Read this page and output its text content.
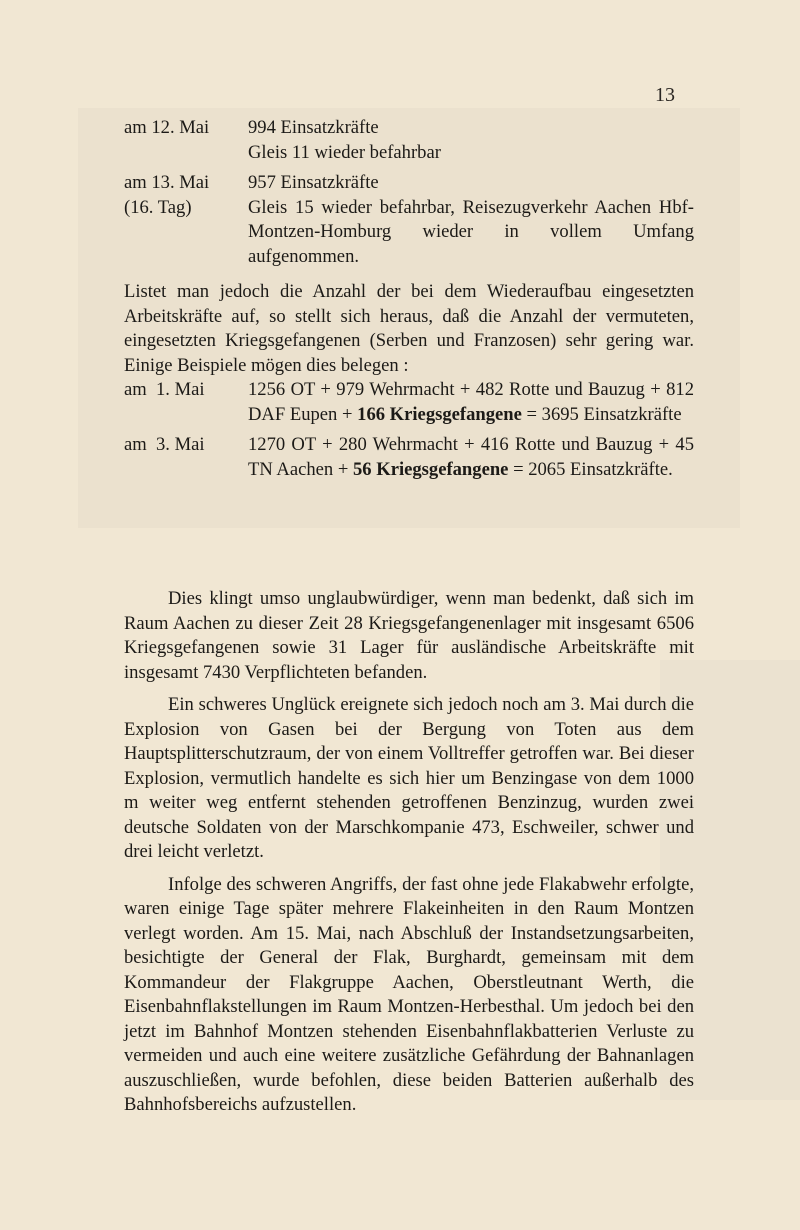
13
am 12. Mai	994 Einsatzkräfte
Gleis 11 wieder befahrbar
am 13. Mai	957 Einsatzkräfte
(16. Tag)	Gleis 15 wieder befahrbar, Reisezugverkehr Aachen Hbf-Montzen-Homburg wieder in vollem Umfang aufgenommen.
Listet man jedoch die Anzahl der bei dem Wiederaufbau eingesetzten Arbeitskräfte auf, so stellt sich heraus, daß die Anzahl der vermuteten, eingesetzten Kriegsgefangenen (Serben und Franzosen) sehr gering war. Einige Beispiele mögen dies belegen :
am  1. Mai	1256 OT + 979 Wehrmacht + 482 Rotte und Bauzug + 812 DAF Eupen + 166 Kriegsgefangene = 3695 Einsatzkräfte
am  3. Mai	1270 OT + 280 Wehrmacht + 416 Rotte und Bauzug + 45 TN Aachen + 56 Kriegsgefangene = 2065 Einsatzkräfte.

Dies klingt umso unglaubwürdiger, wenn man bedenkt, daß sich im Raum Aachen zu dieser Zeit 28 Kriegsgefangenenlager mit insgesamt 6506 Kriegsgefangenen sowie 31 Lager für ausländische Arbeitskräfte mit insgesamt 7430 Verpflichteten befanden.

Ein schweres Unglück ereignete sich jedoch noch am 3. Mai durch die Explosion von Gasen bei der Bergung von Toten aus dem Hauptsplitterschutzraum, der von einem Volltreffer getroffen war. Bei dieser Explosion, vermutlich handelte es sich hier um Benzingase von dem 1000 m weiter weg entfernt stehenden getroffenen Benzinzug, wurden zwei deutsche Soldaten von der Marschkompanie 473, Eschweiler, schwer und drei leicht verletzt.

Infolge des schweren Angriffs, der fast ohne jede Flakabwehr erfolgte, waren einige Tage später mehrere Flakeinheiten in den Raum Montzen verlegt worden. Am 15. Mai, nach Abschluß der Instandsetzungsarbeiten, besichtigte der General der Flak, Burghardt, gemeinsam mit dem Kommandeur der Flakgruppe Aachen, Oberstleutnant Werth, die Eisenbahnflakstellungen im Raum Montzen-Herbesthal. Um jedoch bei den jetzt im Bahnhof Montzen stehenden Eisenbahnflakbatterien Verluste zu vermeiden und auch eine weitere zusätzliche Gefährdung der Bahnanlagen auszuschließen, wurde befohlen, diese beiden Batterien außerhalb des Bahnhofsbereichs aufzustellen.
